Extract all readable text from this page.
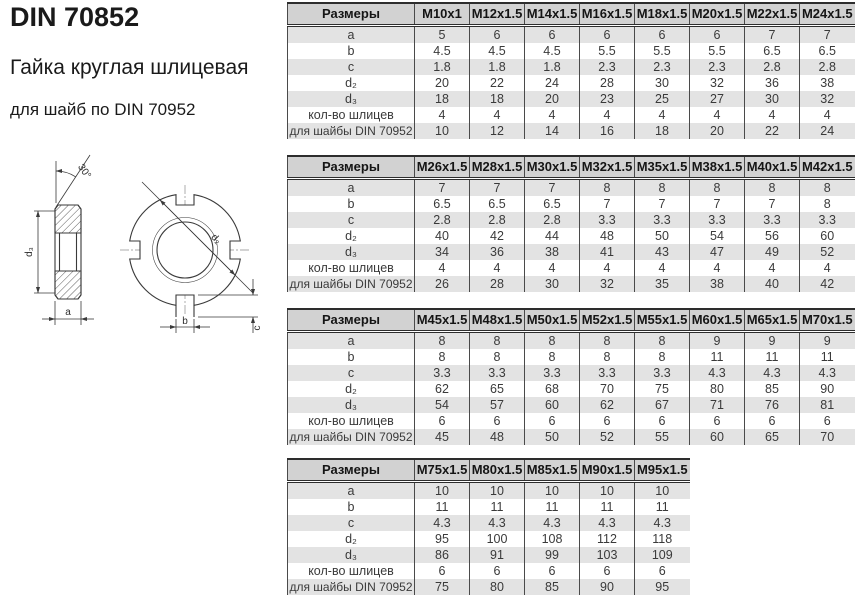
DIN 70852
Гайка круглая шлицевая
для шайб по DIN 70952
30°
d₃
a
d₂
b
c
Размеры	M10x1	M12x1.5	M14x1.5	M16x1.5	M18x1.5	M20x1.5	M22x1.5	M24x1.5
a	5	6	6	6	6	6	7	7
b	4.5	4.5	4.5	5.5	5.5	5.5	6.5	6.5
c	1.8	1.8	1.8	2.3	2.3	2.3	2.8	2.8
d₂	20	22	24	28	30	32	36	38
d₃	18	18	20	23	25	27	30	32
кол-во шлицев	4	4	4	4	4	4	4	4
для шайбы DIN 70952	10	12	14	16	18	20	22	24
Размеры	M26x1.5	M28x1.5	M30x1.5	M32x1.5	M35x1.5	M38x1.5	M40x1.5	M42x1.5
a	7	7	7	8	8	8	8	8
b	6.5	6.5	6.5	7	7	7	7	8
c	2.8	2.8	2.8	3.3	3.3	3.3	3.3	3.3
d₂	40	42	44	48	50	54	56	60
d₃	34	36	38	41	43	47	49	52
кол-во шлицев	4	4	4	4	4	4	4	4
для шайбы DIN 70952	26	28	30	32	35	38	40	42
Размеры	M45x1.5	M48x1.5	M50x1.5	M52x1.5	M55x1.5	M60x1.5	M65x1.5	M70x1.5
a	8	8	8	8	8	9	9	9
b	8	8	8	8	8	11	11	11
c	3.3	3.3	3.3	3.3	3.3	4.3	4.3	4.3
d₂	62	65	68	70	75	80	85	90
d₃	54	57	60	62	67	71	76	81
кол-во шлицев	6	6	6	6	6	6	6	6
для шайбы DIN 70952	45	48	50	52	55	60	65	70
Размеры	M75x1.5	M80x1.5	M85x1.5	M90x1.5	M95x1.5
a	10	10	10	10	10
b	11	11	11	11	11
c	4.3	4.3	4.3	4.3	4.3
d₂	95	100	108	112	118
d₃	86	91	99	103	109
кол-во шлицев	6	6	6	6	6
для шайбы DIN 70952	75	80	85	90	95
